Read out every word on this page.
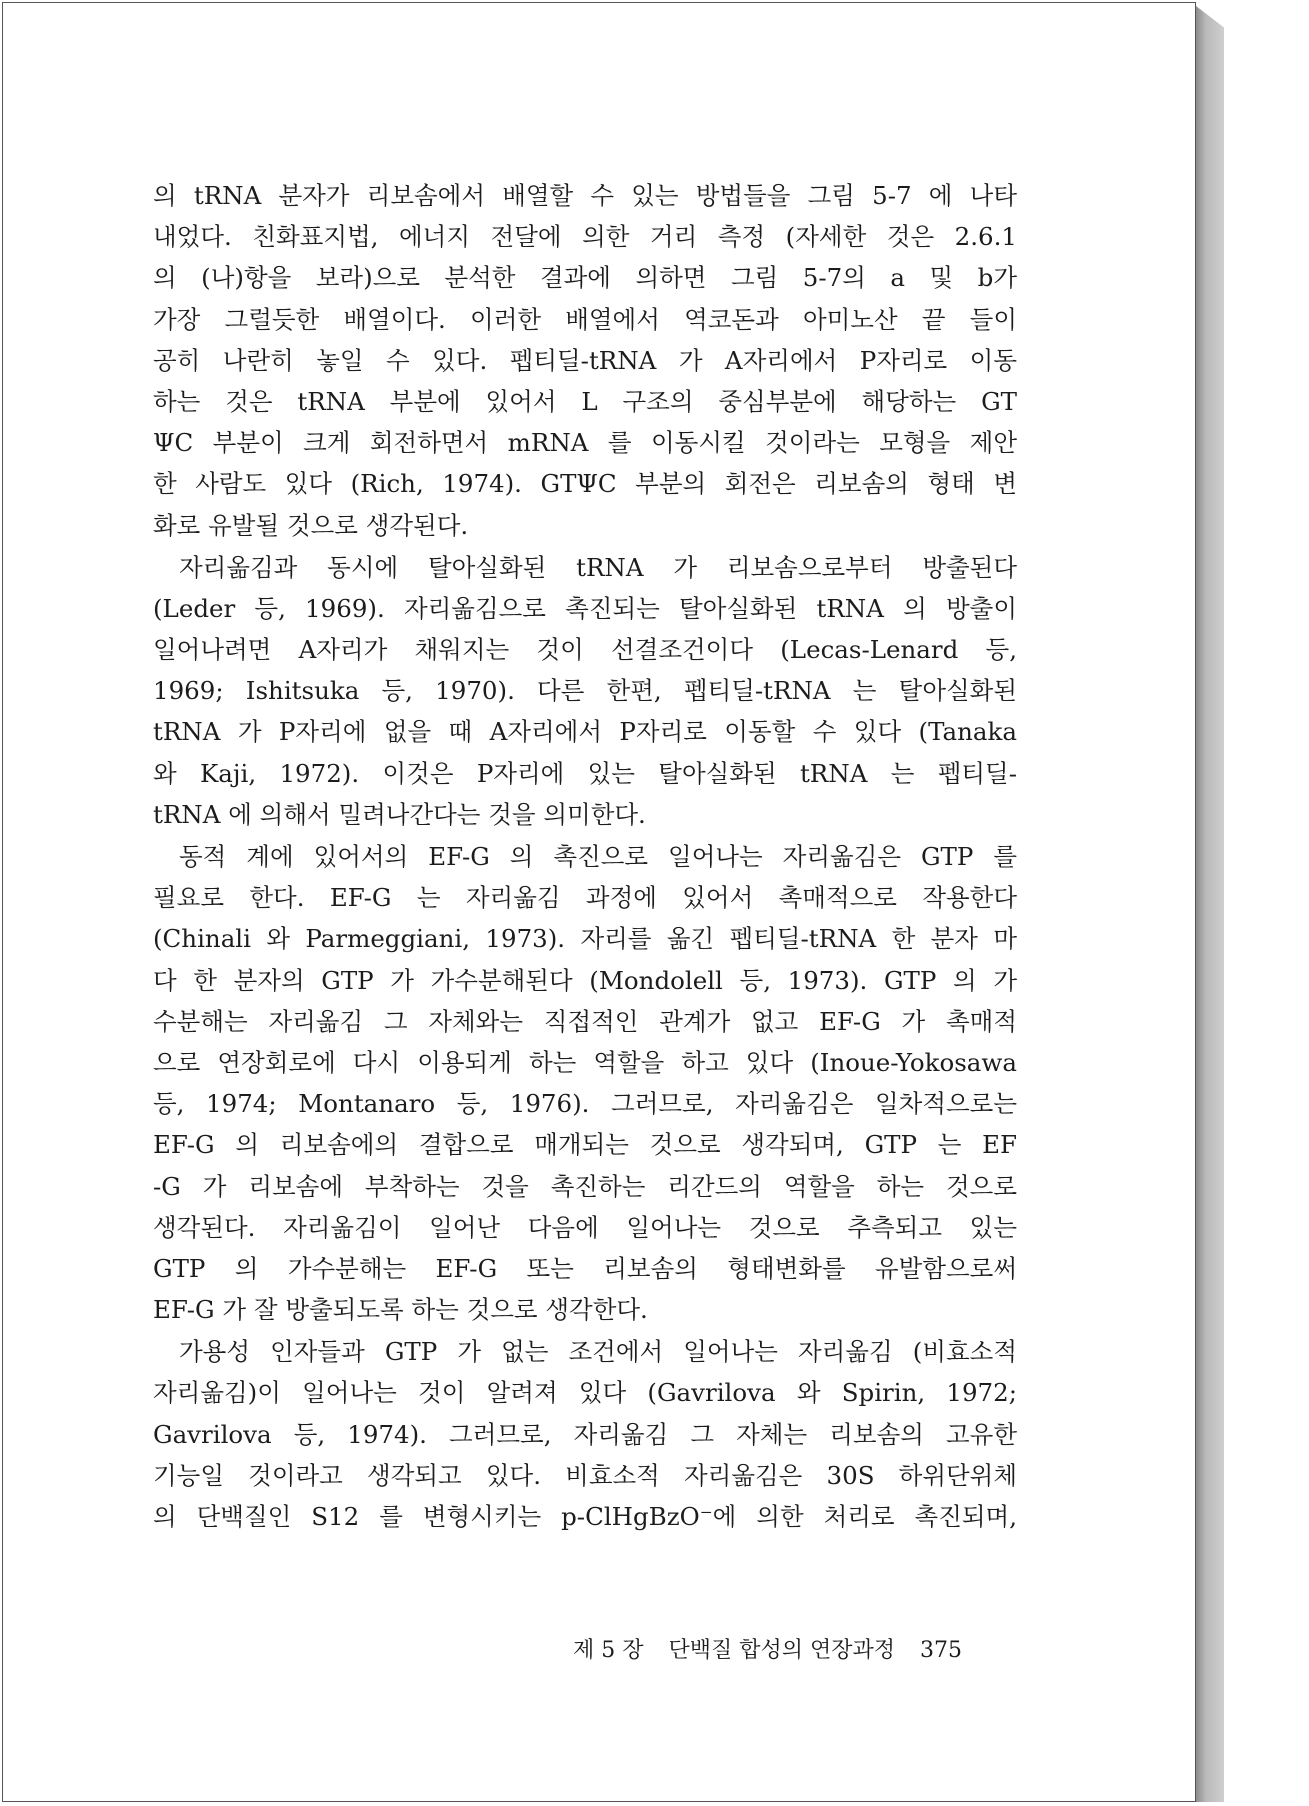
의 tRNA 분자가 리보솜에서 배열할 수 있는 방법들을 그림 5-7 에 나타
내었다. 친화표지법, 에너지 전달에 의한 거리 측정 (자세한 것은 2.6.1
의 (나)항을 보라)으로 분석한 결과에 의하면 그림 5-7의 a 및 b가
가장 그럴듯한 배열이다. 이러한 배열에서 역코돈과 아미노산 끝 들이
공히 나란히 놓일 수 있다. 펩티딜-tRNA 가 A자리에서 P자리로 이동
하는 것은 tRNA 부분에 있어서 L 구조의 중심부분에 해당하는 GT
ΨC 부분이 크게 회전하면서 mRNA 를 이동시킬 것이라는 모형을 제안
한 사람도 있다 (Rich, 1974). GTΨC 부분의 회전은 리보솜의 형태 변
화로 유발될 것으로 생각된다.
자리옮김과 동시에 탈아실화된 tRNA 가 리보솜으로부터 방출된다
(Leder 등, 1969). 자리옮김으로 촉진되는 탈아실화된 tRNA 의 방출이
일어나려면 A자리가 채워지는 것이 선결조건이다 (Lecas-Lenard 등,
1969; Ishitsuka 등, 1970). 다른 한편, 펩티딜-tRNA 는 탈아실화된
tRNA 가 P자리에 없을 때 A자리에서 P자리로 이동할 수 있다 (Tanaka
와 Kaji, 1972). 이것은 P자리에 있는 탈아실화된 tRNA 는 펩티딜-
tRNA 에 의해서 밀려나간다는 것을 의미한다.
동적 계에 있어서의 EF-G 의 촉진으로 일어나는 자리옮김은 GTP 를
필요로 한다. EF-G 는 자리옮김 과정에 있어서 촉매적으로 작용한다
(Chinali 와 Parmeggiani, 1973). 자리를 옮긴 펩티딜-tRNA 한 분자 마
다 한 분자의 GTP 가 가수분해된다 (Mondolell 등, 1973). GTP 의 가
수분해는 자리옮김 그 자체와는 직접적인 관계가 없고 EF-G 가 촉매적
으로 연장회로에 다시 이용되게 하는 역할을 하고 있다 (Inoue-Yokosawa
등, 1974; Montanaro 등, 1976). 그러므로, 자리옮김은 일차적으로는
EF-G 의 리보솜에의 결합으로 매개되는 것으로 생각되며, GTP 는 EF
-G 가 리보솜에 부착하는 것을 촉진하는 리간드의 역할을 하는 것으로
생각된다. 자리옮김이 일어난 다음에 일어나는 것으로 추측되고 있는
GTP 의 가수분해는 EF-G 또는 리보솜의 형태변화를 유발함으로써
EF-G 가 잘 방출되도록 하는 것으로 생각한다.
가용성 인자들과 GTP 가 없는 조건에서 일어나는 자리옮김 (비효소적
자리옮김)이 일어나는 것이 알려져 있다 (Gavrilova 와 Spirin, 1972;
Gavrilova 등, 1974). 그러므로, 자리옮김 그 자체는 리보솜의 고유한
기능일 것이라고 생각되고 있다. 비효소적 자리옮김은 30S 하위단위체
의 단백질인 S12 를 변형시키는 p-ClHgBzO⁻에 의한 처리로 촉진되며,
제 5 장 단백질 합성의 연장과정 375
